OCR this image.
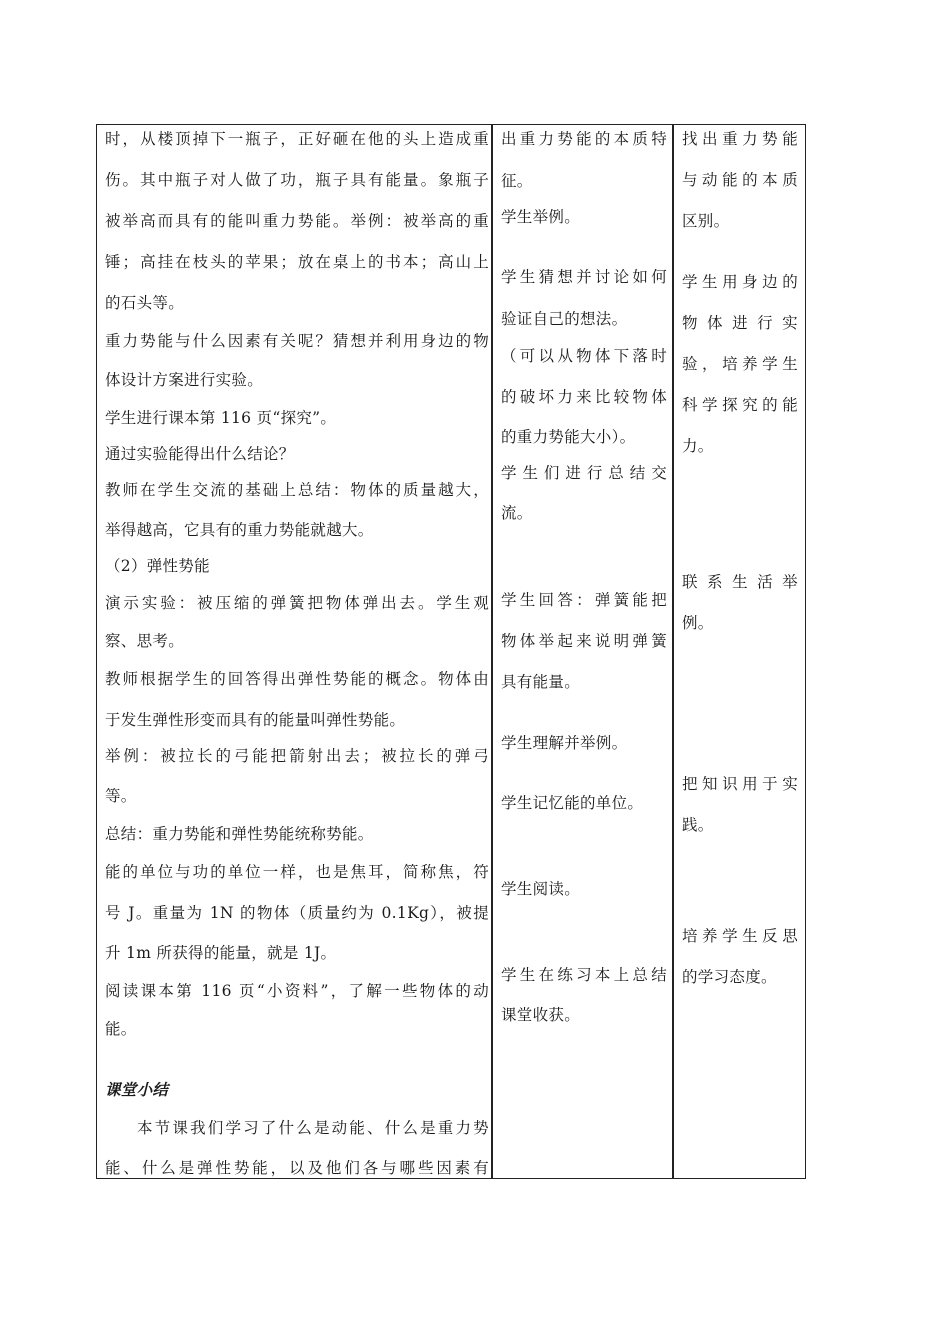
时，从楼顶掉下一瓶子，正好砸在他的头上造成重
伤。其中瓶子对人做了功，瓶子具有能量。象瓶子
被举高而具有的能叫重力势能。举例：被举高的重
锤；高挂在枝头的苹果；放在桌上的书本；高山上
的石头等。
重力势能与什么因素有关呢？猜想并利用身边的物
体设计方案进行实验。
学生进行课本第 116 页“探究”。
通过实验能得出什么结论？
教师在学生交流的基础上总结：物体的质量越大，
举得越高，它具有的重力势能就越大。
（2）弹性势能
演示实验：被压缩的弹簧把物体弹出去。学生观
察、思考。
教师根据学生的回答得出弹性势能的概念。物体由
于发生弹性形变而具有的能量叫弹性势能。
举例：被拉长的弓能把箭射出去；被拉长的弹弓
等。
总结：重力势能和弹性势能统称势能。
能的单位与功的单位一样，也是焦耳，简称焦，符
号 J。重量为 1N 的物体（质量约为 0.1Kg），被提
升 1m 所获得的能量，就是 1J。
阅读课本第 116 页“小资料”，了解一些物体的动
能。
课堂小结
本节课我们学习了什么是动能、什么是重力势
能、什么是弹性势能，以及他们各与哪些因素有
出重力势能的本质特
征。
学生举例。
学生猜想并讨论如何
验证自己的想法。
（可以从物体下落时
的破坏力来比较物体
的重力势能大小）。
学生们进行总结交
流。
学生回答：弹簧能把
物体举起来说明弹簧
具有能量。
学生理解并举例。
学生记忆能的单位。
学生阅读。
学生在练习本上总结
课堂收获。
找出重力势能
与动能的本质
区别。
学生用身边的
物体进行实
验，培养学生
科学探究的能
力。
联系生活举
例。
把知识用于实
践。
培养学生反思
的学习态度。
